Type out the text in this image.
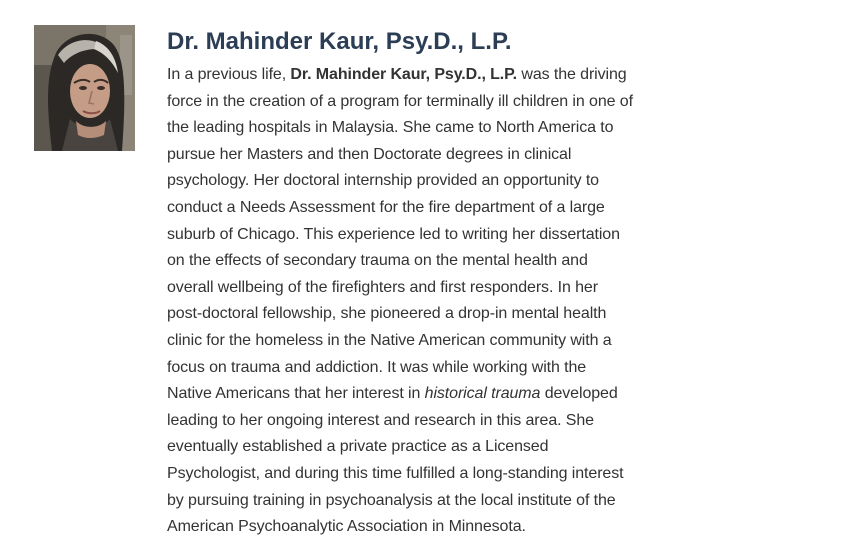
Dr. Mahinder Kaur, Psy.D., L.P.

In a previous life, Dr. Mahinder Kaur, Psy.D., L.P. was the driving
force in the creation of a program for terminally ill children in one of
the leading hospitals in Malaysia. She came to North America to
pursue her Masters and then Doctorate degrees in clinical
psychology. Her doctoral internship provided an opportunity to
conduct a Needs Assessment for the fire department of a large
suburb of Chicago. This experience led to writing her dissertation
on the effects of secondary trauma on the mental health and
overall wellbeing of the firefighters and first responders. In her
post-doctoral fellowship, she pioneered a drop-in mental health
clinic for the homeless in the Native American community with a
focus on trauma and addiction. It was while working with the
Native Americans that her interest in historical trauma developed
leading to her ongoing interest and research in this area. She
eventually established a private practice as a Licensed
Psychologist, and during this time fulfilled a long-standing interest
by pursuing training in psychoanalysis at the local institute of the
American Psychoanalytic Association in Minnesota.
